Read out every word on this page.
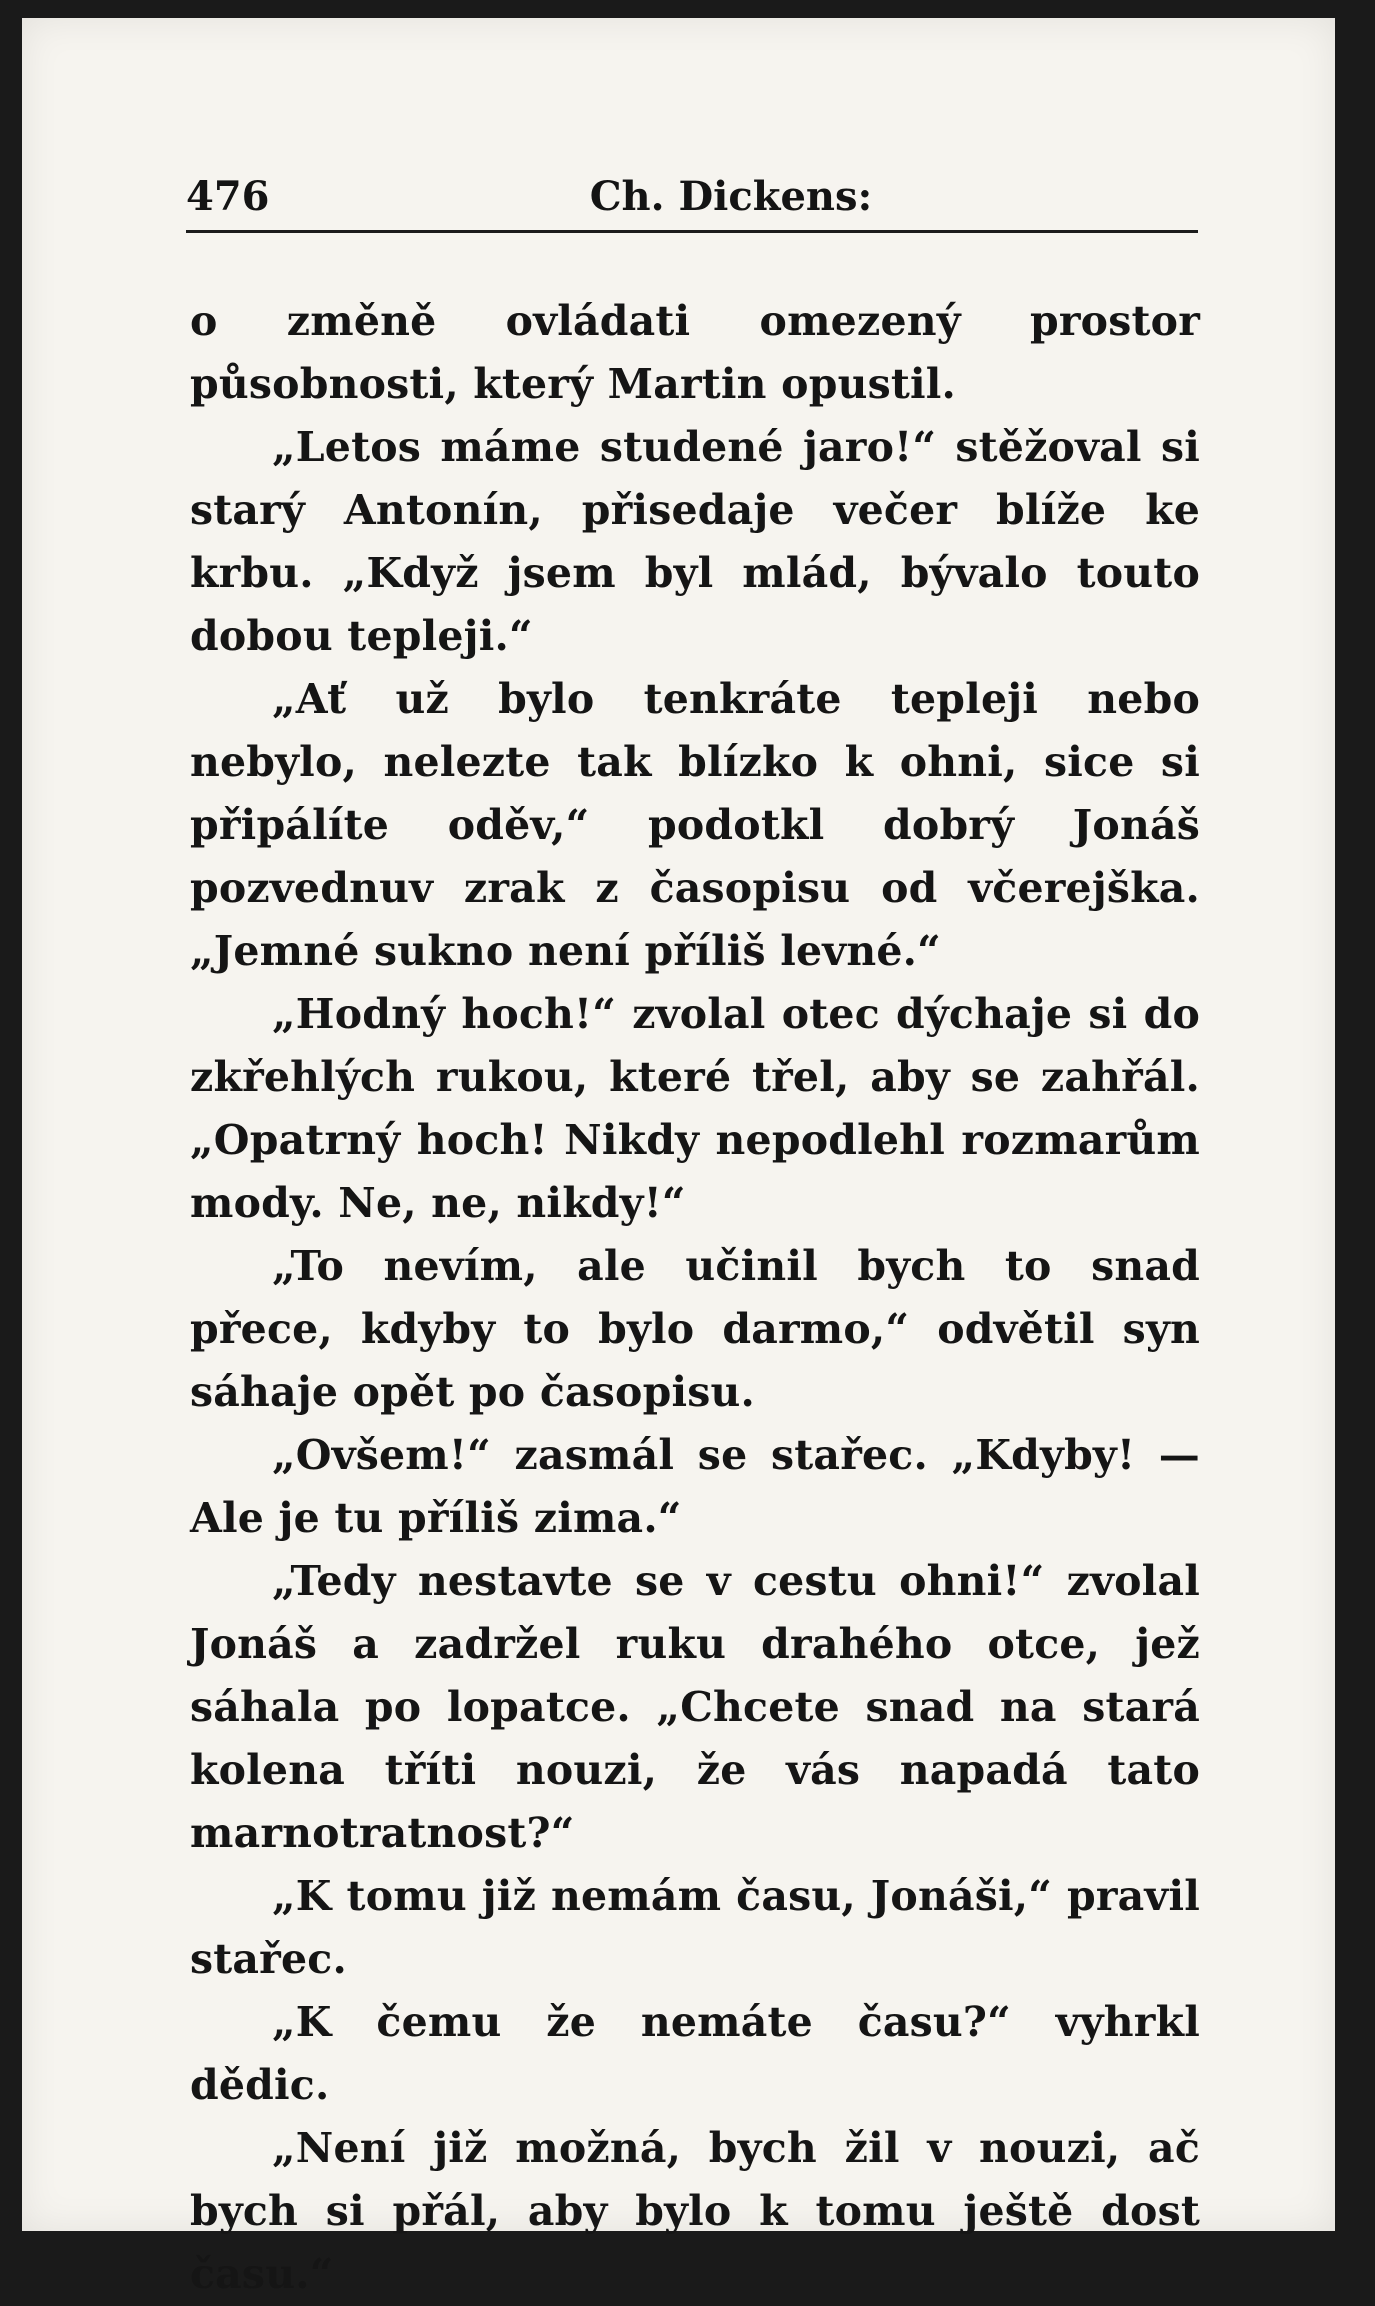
476	Ch. Dickens:

o změně ovládati omezený prostor působnosti, který Martin opustil.

„Letos máme studené jaro!“ stěžoval si starý Antonín, přisedaje večer blíže ke krbu. „Když jsem byl mlád, bývalo touto dobou tepleji.“

„Ať už bylo tenkráte tepleji nebo nebylo, nelezte tak blízko k ohni, sice si připálíte oděv,“ podotkl dobrý Jonáš pozvednuv zrak z časopisu od včerejška. „Jemné sukno není příliš levné.“

„Hodný hoch!“ zvolal otec dýchaje si do zkřehlých rukou, které třel, aby se zahřál. „Opatrný hoch! Nikdy nepodlehl rozmarům mody. Ne, ne, nikdy!“

„To nevím, ale učinil bych to snad přece, kdyby to bylo darmo,“ odvětil syn sáhaje opět po časopisu.

„Ovšem!“ zasmál se stařec. „Kdyby! — Ale je tu příliš zima.“

„Tedy nestavte se v cestu ohni!“ zvolal Jonáš a zadržel ruku drahého otce, jež sáhala po lopatce. „Chcete snad na stará kolena tříti nouzi, že vás napadá tato marnotratnost?“

„K tomu již nemám času, Jonáši,“ pravil stařec.

„K čemu že nemáte času?“ vyhrkl dědic.

„Není již možná, bych žil v nouzi, ač bych si přál, aby bylo k tomu ještě dost času.“
